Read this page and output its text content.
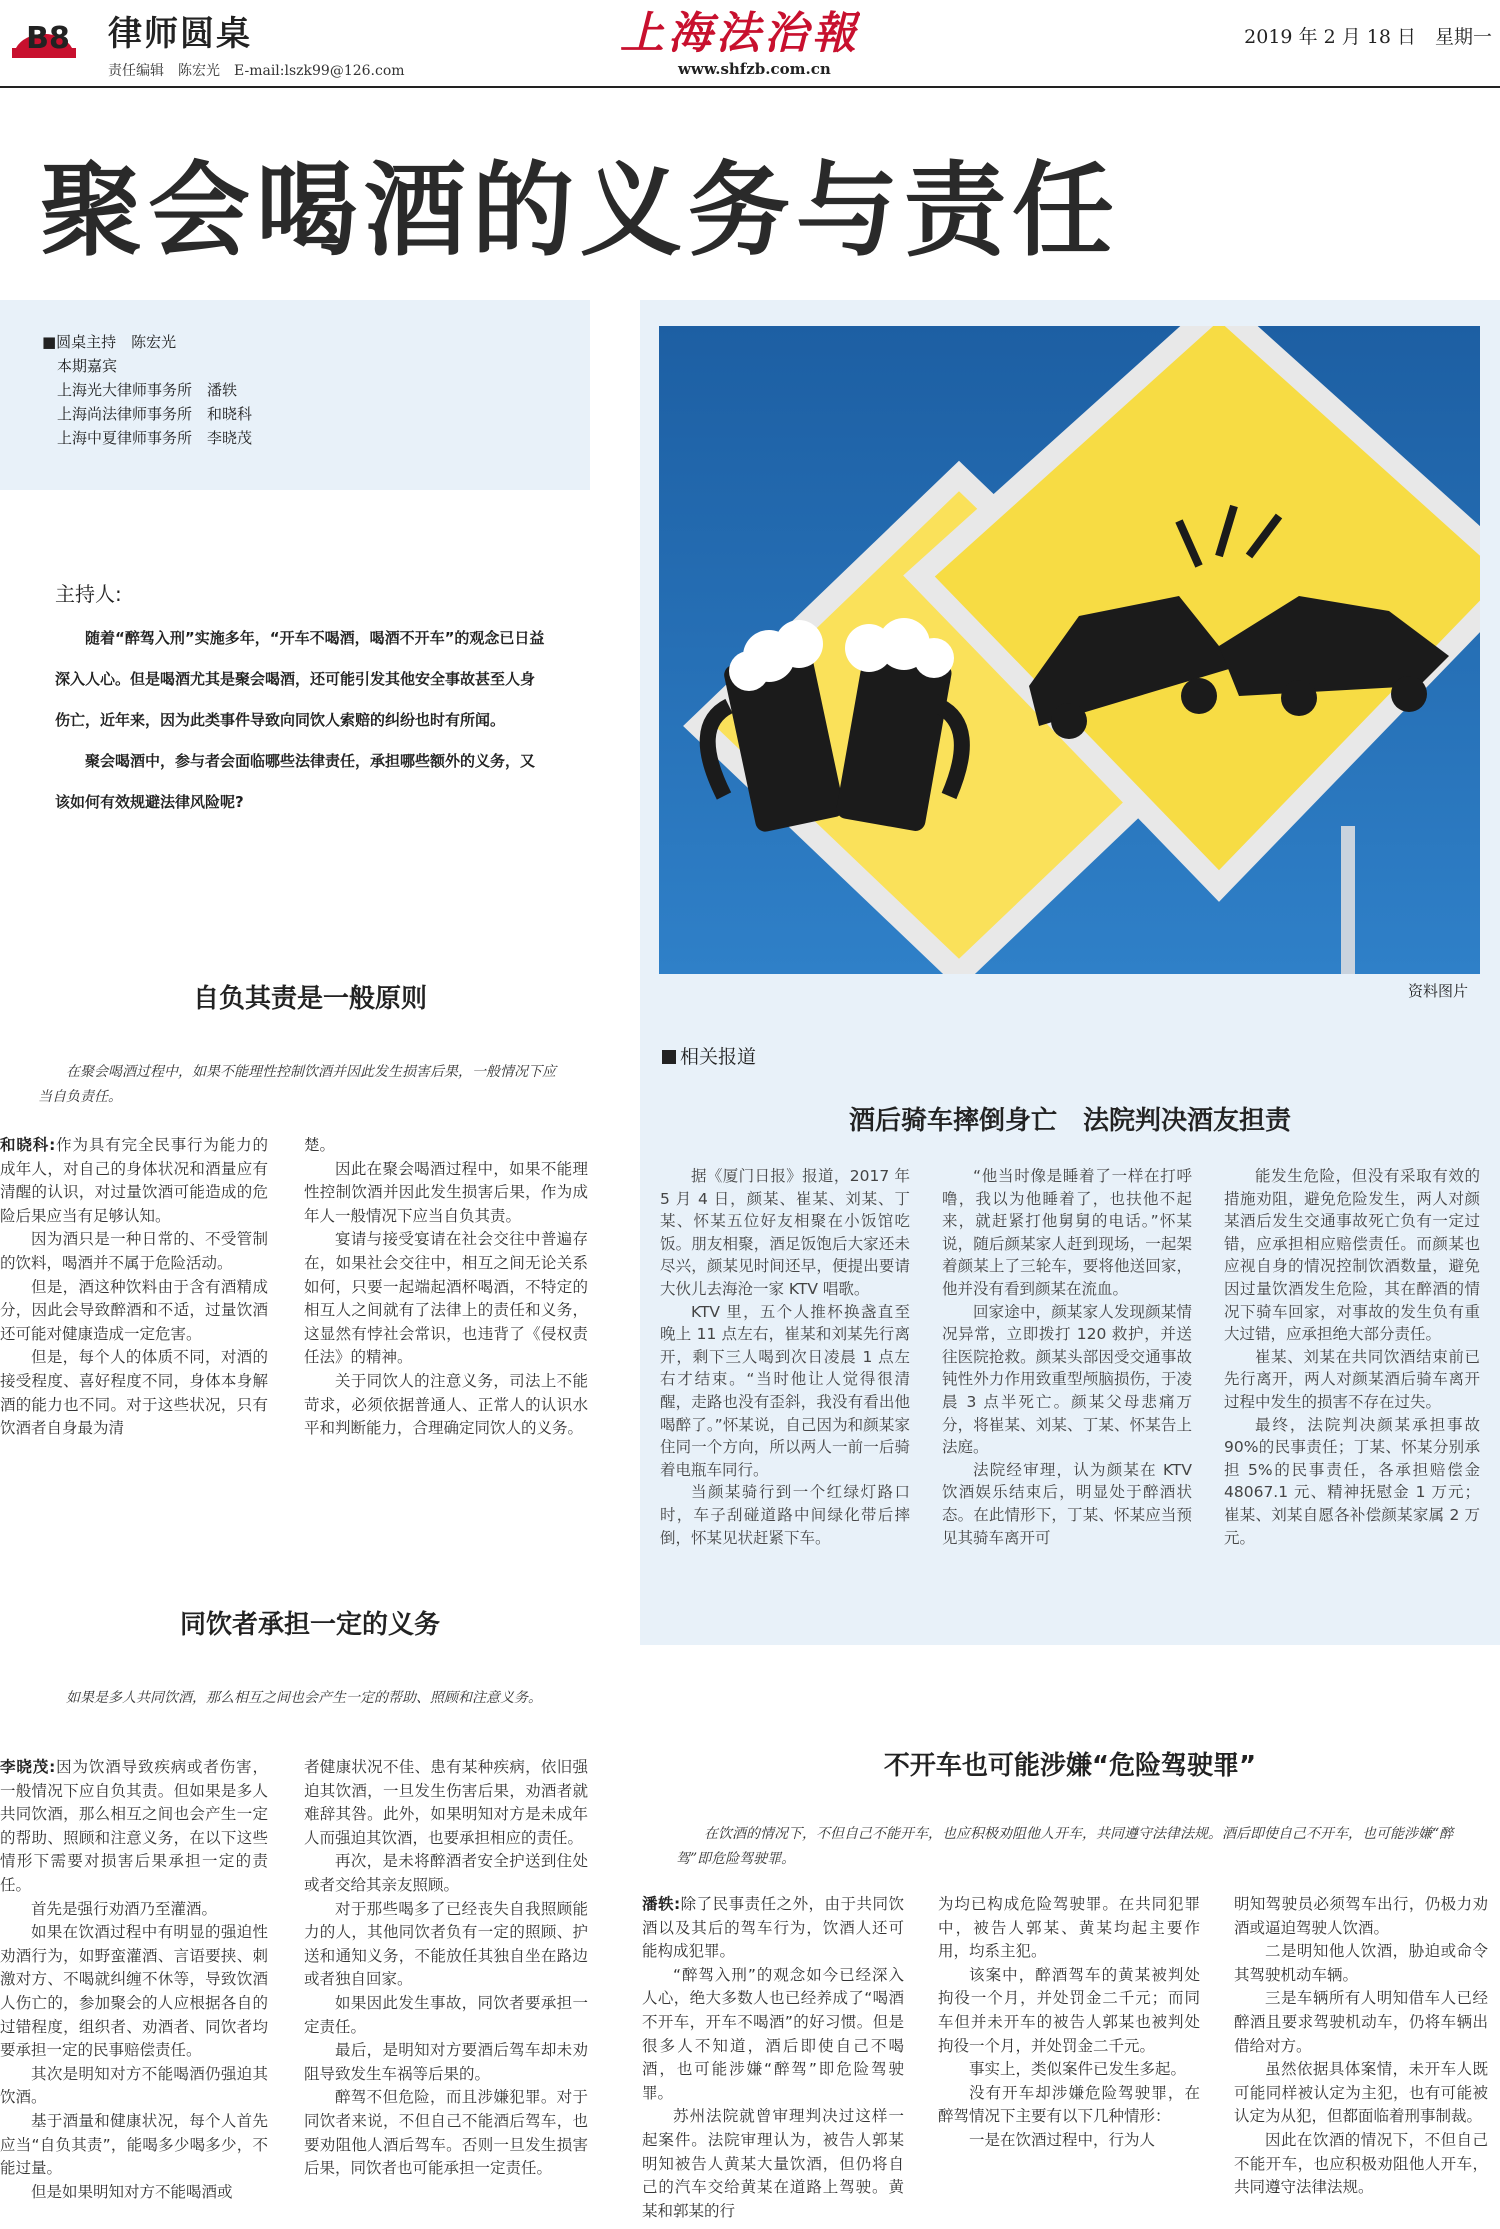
B8 律师圆桌
责任编辑　陈宏光　E-mail:lszk99@126.com
上海法治報
www.shfzb.com.cn
2019 年 2 月 18 日　星期一
聚会喝酒的义务与责任
■圆桌主持　陈宏光
　本期嘉宾
　上海光大律师事务所　潘轶
　上海尚法律师事务所　和晓科
　上海中夏律师事务所　李晓茂
主持人:

随着“醉驾入刑”实施多年，“开车不喝酒，喝酒不开车”的观念已日益深入人心。但是喝酒尤其是聚会喝酒，还可能引发其他安全事故甚至人身伤亡，近年来，因为此类事件导致向同饮人索赔的纠纷也时有所闻。

聚会喝酒中，参与者会面临哪些法律责任，承担哪些额外的义务，又该如何有效规避法律风险呢?

自负其责是一般原则
在聚会喝酒过程中，如果不能理性控制饮酒并因此发生损害后果，一般情况下应当自负责任。

和晓科:作为具有完全民事行为能力的成年人，对自己的身体状况和酒量应有清醒的认识，对过量饮酒可能造成的危险后果应当有足够认知。

因为酒只是一种日常的、不受管制的饮料，喝酒并不属于危险活动。

但是，酒这种饮料由于含有酒精成分，因此会导致醉酒和不适，过量饮酒还可能对健康造成一定危害。

但是，每个人的体质不同，对酒的接受程度、喜好程度不同，身体本身解酒的能力也不同。对于这些状况，只有饮酒者自身最为清

楚。

因此在聚会喝酒过程中，如果不能理性控制饮酒并因此发生损害后果，作为成年人一般情况下应当自负其责。

宴请与接受宴请在社会交往中普遍存在，如果社会交往中，相互之间无论关系如何，只要一起端起酒杯喝酒，不特定的相互人之间就有了法律上的责任和义务，这显然有悖社会常识，也违背了《侵权责任法》的精神。

关于同饮人的注意义务，司法上不能苛求，必须依据普通人、正常人的认识水平和判断能力，合理确定同饮人的义务。

同饮者承担一定的义务
如果是多人共同饮酒，那么相互之间也会产生一定的帮助、照顾和注意义务。

李晓茂:因为饮酒导致疾病或者伤害，一般情况下应自负其责。但如果是多人共同饮酒，那么相互之间也会产生一定的帮助、照顾和注意义务，在以下这些情形下需要对损害后果承担一定的责任。

首先是强行劝酒乃至灌酒。

如果在饮酒过程中有明显的强迫性劝酒行为，如野蛮灌酒、言语要挟、刺激对方、不喝就纠缠不休等，导致饮酒人伤亡的，参加聚会的人应根据各自的过错程度，组织者、劝酒者、同饮者均要承担一定的民事赔偿责任。

其次是明知对方不能喝酒仍强迫其饮酒。

基于酒量和健康状况，每个人首先应当“自负其责”，能喝多少喝多少，不能过量。

但是如果明知对方不能喝酒或

者健康状况不佳、患有某种疾病，依旧强迫其饮酒，一旦发生伤害后果，劝酒者就难辞其咎。此外，如果明知对方是未成年人而强迫其饮酒，也要承担相应的责任。

再次，是未将醉酒者安全护送到住处或者交给其亲友照顾。

对于那些喝多了已经丧失自我照顾能力的人，其他同饮者负有一定的照顾、护送和通知义务，不能放任其独自坐在路边或者独自回家。

如果因此发生事故，同饮者要承担一定责任。

最后，是明知对方要酒后驾车却未劝阻导致发生车祸等后果的。

醉驾不但危险，而且涉嫌犯罪。对于同饮者来说，不但自己不能酒后驾车，也要劝阻他人酒后驾车。否则一旦发生损害后果，同饮者也可能承担一定责任。

资料图片
相关报道
酒后骑车摔倒身亡　法院判决酒友担责

据《厦门日报》报道，2017 年 5 月 4 日，颜某、崔某、刘某、丁某、怀某五位好友相聚在小饭馆吃饭。朋友相聚，酒足饭饱后大家还未尽兴，颜某见时间还早，便提出要请大伙儿去海沧一家 KTV 唱歌。

KTV 里，五个人推杯换盏直至晚上 11 点左右，崔某和刘某先行离开，剩下三人喝到次日凌晨 1 点左右才结束。“当时他让人觉得很清醒，走路也没有歪斜，我没有看出他喝醉了。”怀某说，自己因为和颜某家住同一个方向，所以两人一前一后骑着电瓶车同行。

当颜某骑行到一个红绿灯路口时，车子刮碰道路中间绿化带后摔倒，怀某见状赶紧下车。

“他当时像是睡着了一样在打呼噜，我以为他睡着了，也扶他不起来，就赶紧打他舅舅的电话。”怀某说，随后颜某家人赶到现场，一起架着颜某上了三轮车，要将他送回家，他并没有看到颜某在流血。

回家途中，颜某家人发现颜某情况异常，立即拨打 120 救护，并送往医院抢救。颜某头部因受交通事故钝性外力作用致重型颅脑损伤，于凌晨 3 点半死亡。颜某父母悲痛万分，将崔某、刘某、丁某、怀某告上法庭。

法院经审理，认为颜某在 KTV 饮酒娱乐结束后，明显处于醉酒状态。在此情形下，丁某、怀某应当预见其骑车离开可

能发生危险，但没有采取有效的措施劝阻，避免危险发生，两人对颜某酒后发生交通事故死亡负有一定过错，应承担相应赔偿责任。而颜某也应视自身的情况控制饮酒数量，避免因过量饮酒发生危险，其在醉酒的情况下骑车回家，对事故的发生负有重大过错，应承担绝大部分责任。

崔某、刘某在共同饮酒结束前已先行离开，两人对颜某酒后骑车离开过程中发生的损害不存在过失。

最终，法院判决颜某承担事故 90%的民事责任；丁某、怀某分别承担 5%的民事责任，各承担赔偿金 48067.1 元、精神抚慰金 1 万元；崔某、刘某自愿各补偿颜某家属 2 万元。

不开车也可能涉嫌“危险驾驶罪”
在饮酒的情况下，不但自己不能开车，也应积极劝阻他人开车，共同遵守法律法规。酒后即使自己不开车，也可能涉嫌“醉驾”即危险驾驶罪。

潘轶:除了民事责任之外，由于共同饮酒以及其后的驾车行为，饮酒人还可能构成犯罪。

“醉驾入刑”的观念如今已经深入人心，绝大多数人也已经养成了“喝酒不开车，开车不喝酒”的好习惯。但是很多人不知道，酒后即使自己不喝酒，也可能涉嫌“醉驾”即危险驾驶罪。

苏州法院就曾审理判决过这样一起案件。法院审理认为，被告人郭某明知被告人黄某大量饮酒，但仍将自己的汽车交给黄某在道路上驾驶。黄某和郭某的行

为均已构成危险驾驶罪。在共同犯罪中，被告人郭某、黄某均起主要作用，均系主犯。

该案中，醉酒驾车的黄某被判处拘役一个月，并处罚金二千元；而同车但并未开车的被告人郭某也被判处拘役一个月，并处罚金二千元。

事实上，类似案件已发生多起。

没有开车却涉嫌危险驾驶罪，在醉驾情况下主要有以下几种情形：

一是在饮酒过程中，行为人

明知驾驶员必须驾车出行，仍极力劝酒或逼迫驾驶人饮酒。

二是明知他人饮酒，胁迫或命令其驾驶机动车辆。

三是车辆所有人明知借车人已经醉酒且要求驾驶机动车，仍将车辆出借给对方。

虽然依据具体案情，未开车人既可能同样被认定为主犯，也有可能被认定为从犯，但都面临着刑事制裁。

因此在饮酒的情况下，不但自己不能开车，也应积极劝阻他人开车，共同遵守法律法规。
